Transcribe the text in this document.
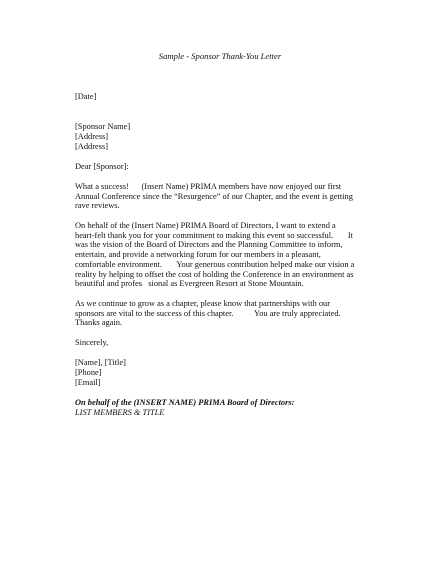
Sample - Sponsor Thank-You Letter
[Date]
[Sponsor Name]
[Address]
[Address]
Dear [Sponsor]:
What a success!      (Insert Name) PRIMA members have now enjoyed our first
Annual Conference since the “Resurgence” of our Chapter, and the event is getting
rave reviews.
On behalf of the (Insert Name) PRIMA Board of Directors, I want to extend a
heart-felt thank you for your commitment to making this event so successful.       It
was the vision of the Board of Directors and the Planning Committee to inform,
entertain, and provide a networking forum for our members in a pleasant,
comfortable environment.       Your generous contribution helped make our vision a
reality by helping to offset the cost of holding the Conference in an environment as
beautiful and profes   sional as Evergreen Resort at Stone Mountain.
As we continue to grow as a chapter, please know that partnerships with our
sponsors are vital to the success of this chapter.          You are truly appreciated.
Thanks again.
Sincerely,
[Name], [Title]
[Phone]
[Email]
On behalf of the (INSERT NAME) PRIMA Board of Directors:
LIST MEMBERS & TITLE
